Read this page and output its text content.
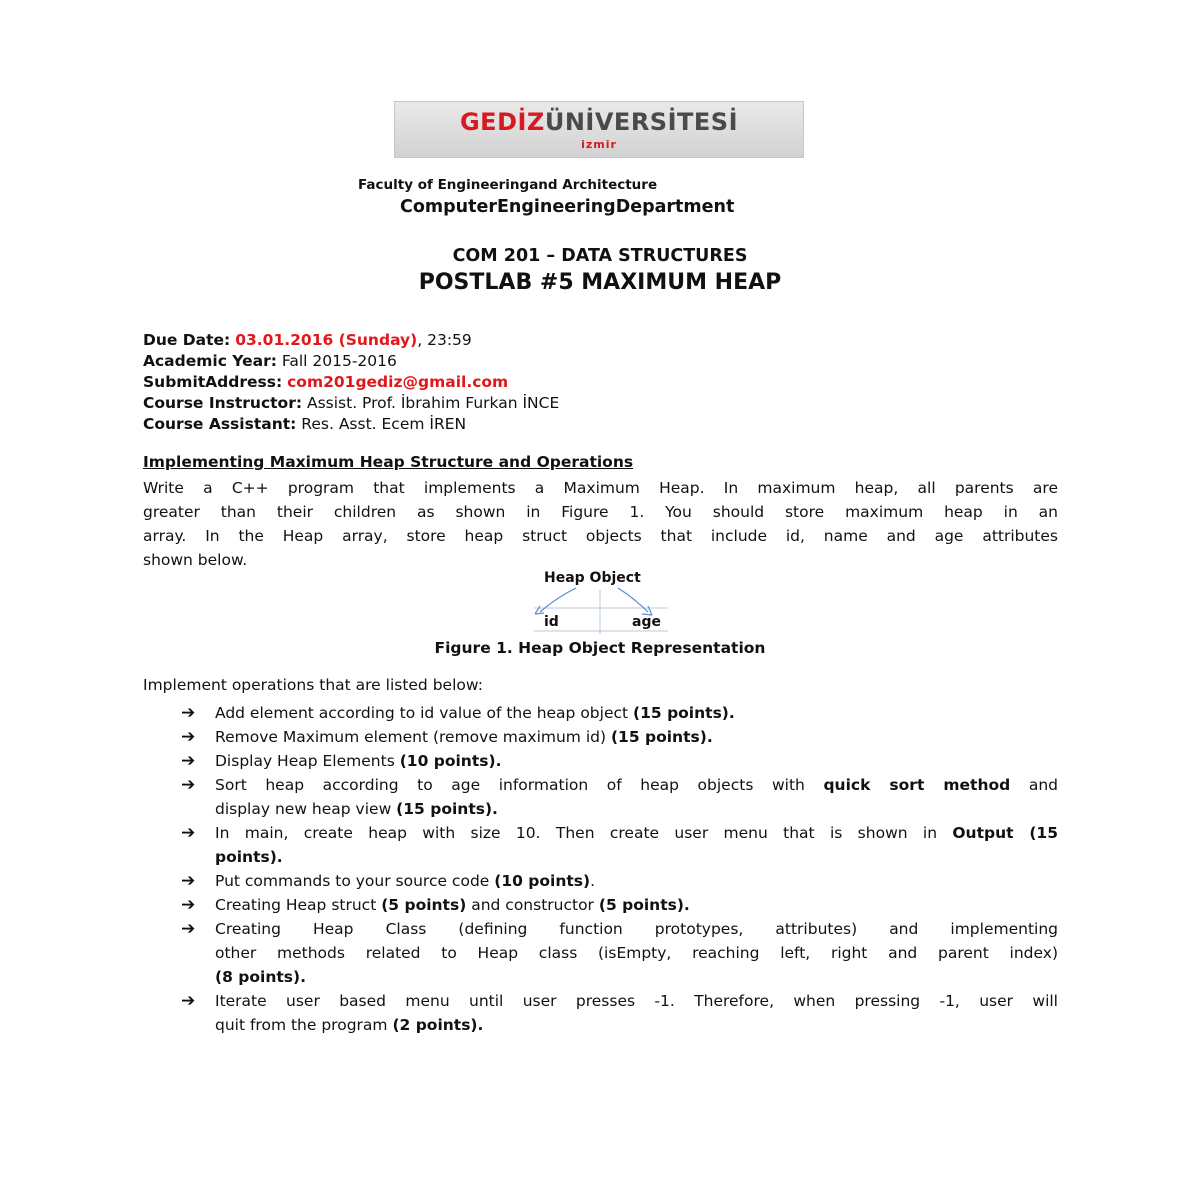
GEDİZÜNİVERSİTESİ
izmir
Faculty of Engineeringand Architecture
ComputerEngineeringDepartment
COM 201 – DATA STRUCTURES
POSTLAB #5 MAXIMUM HEAP
Due Date: 03.01.2016 (Sunday), 23:59
Academic Year: Fall 2015-2016
SubmitAddress: com201gediz@gmail.com
Course Instructor: Assist. Prof. İbrahim Furkan İNCE
Course Assistant: Res. Asst. Ecem İREN
Implementing Maximum Heap Structure and Operations
Write a C++ program that implements a Maximum Heap. In maximum heap, all parents are
greater than their children as shown in Figure 1. You should store maximum heap in an
array. In the Heap array, store heap struct objects that include id, name and age attributes
shown below.
Heap Object
id	age
Figure 1. Heap Object Representation
Implement operations that are listed below:
➔ Add element according to id value of the heap object (15 points).
➔ Remove Maximum element (remove maximum id) (15 points).
➔ Display Heap Elements (10 points).
➔ Sort heap according to age information of heap objects with quick sort method and
display new heap view (15 points).
➔ In main, create heap with size 10. Then create user menu that is shown in Output (15
points).
➔ Put commands to your source code (10 points).
➔ Creating Heap struct (5 points) and constructor (5 points).
➔ Creating Heap Class (defining function prototypes, attributes) and implementing
other methods related to Heap class (isEmpty, reaching left, right and parent index)
(8 points).
➔ Iterate user based menu until user presses -1. Therefore, when pressing -1, user will
quit from the program (2 points).
